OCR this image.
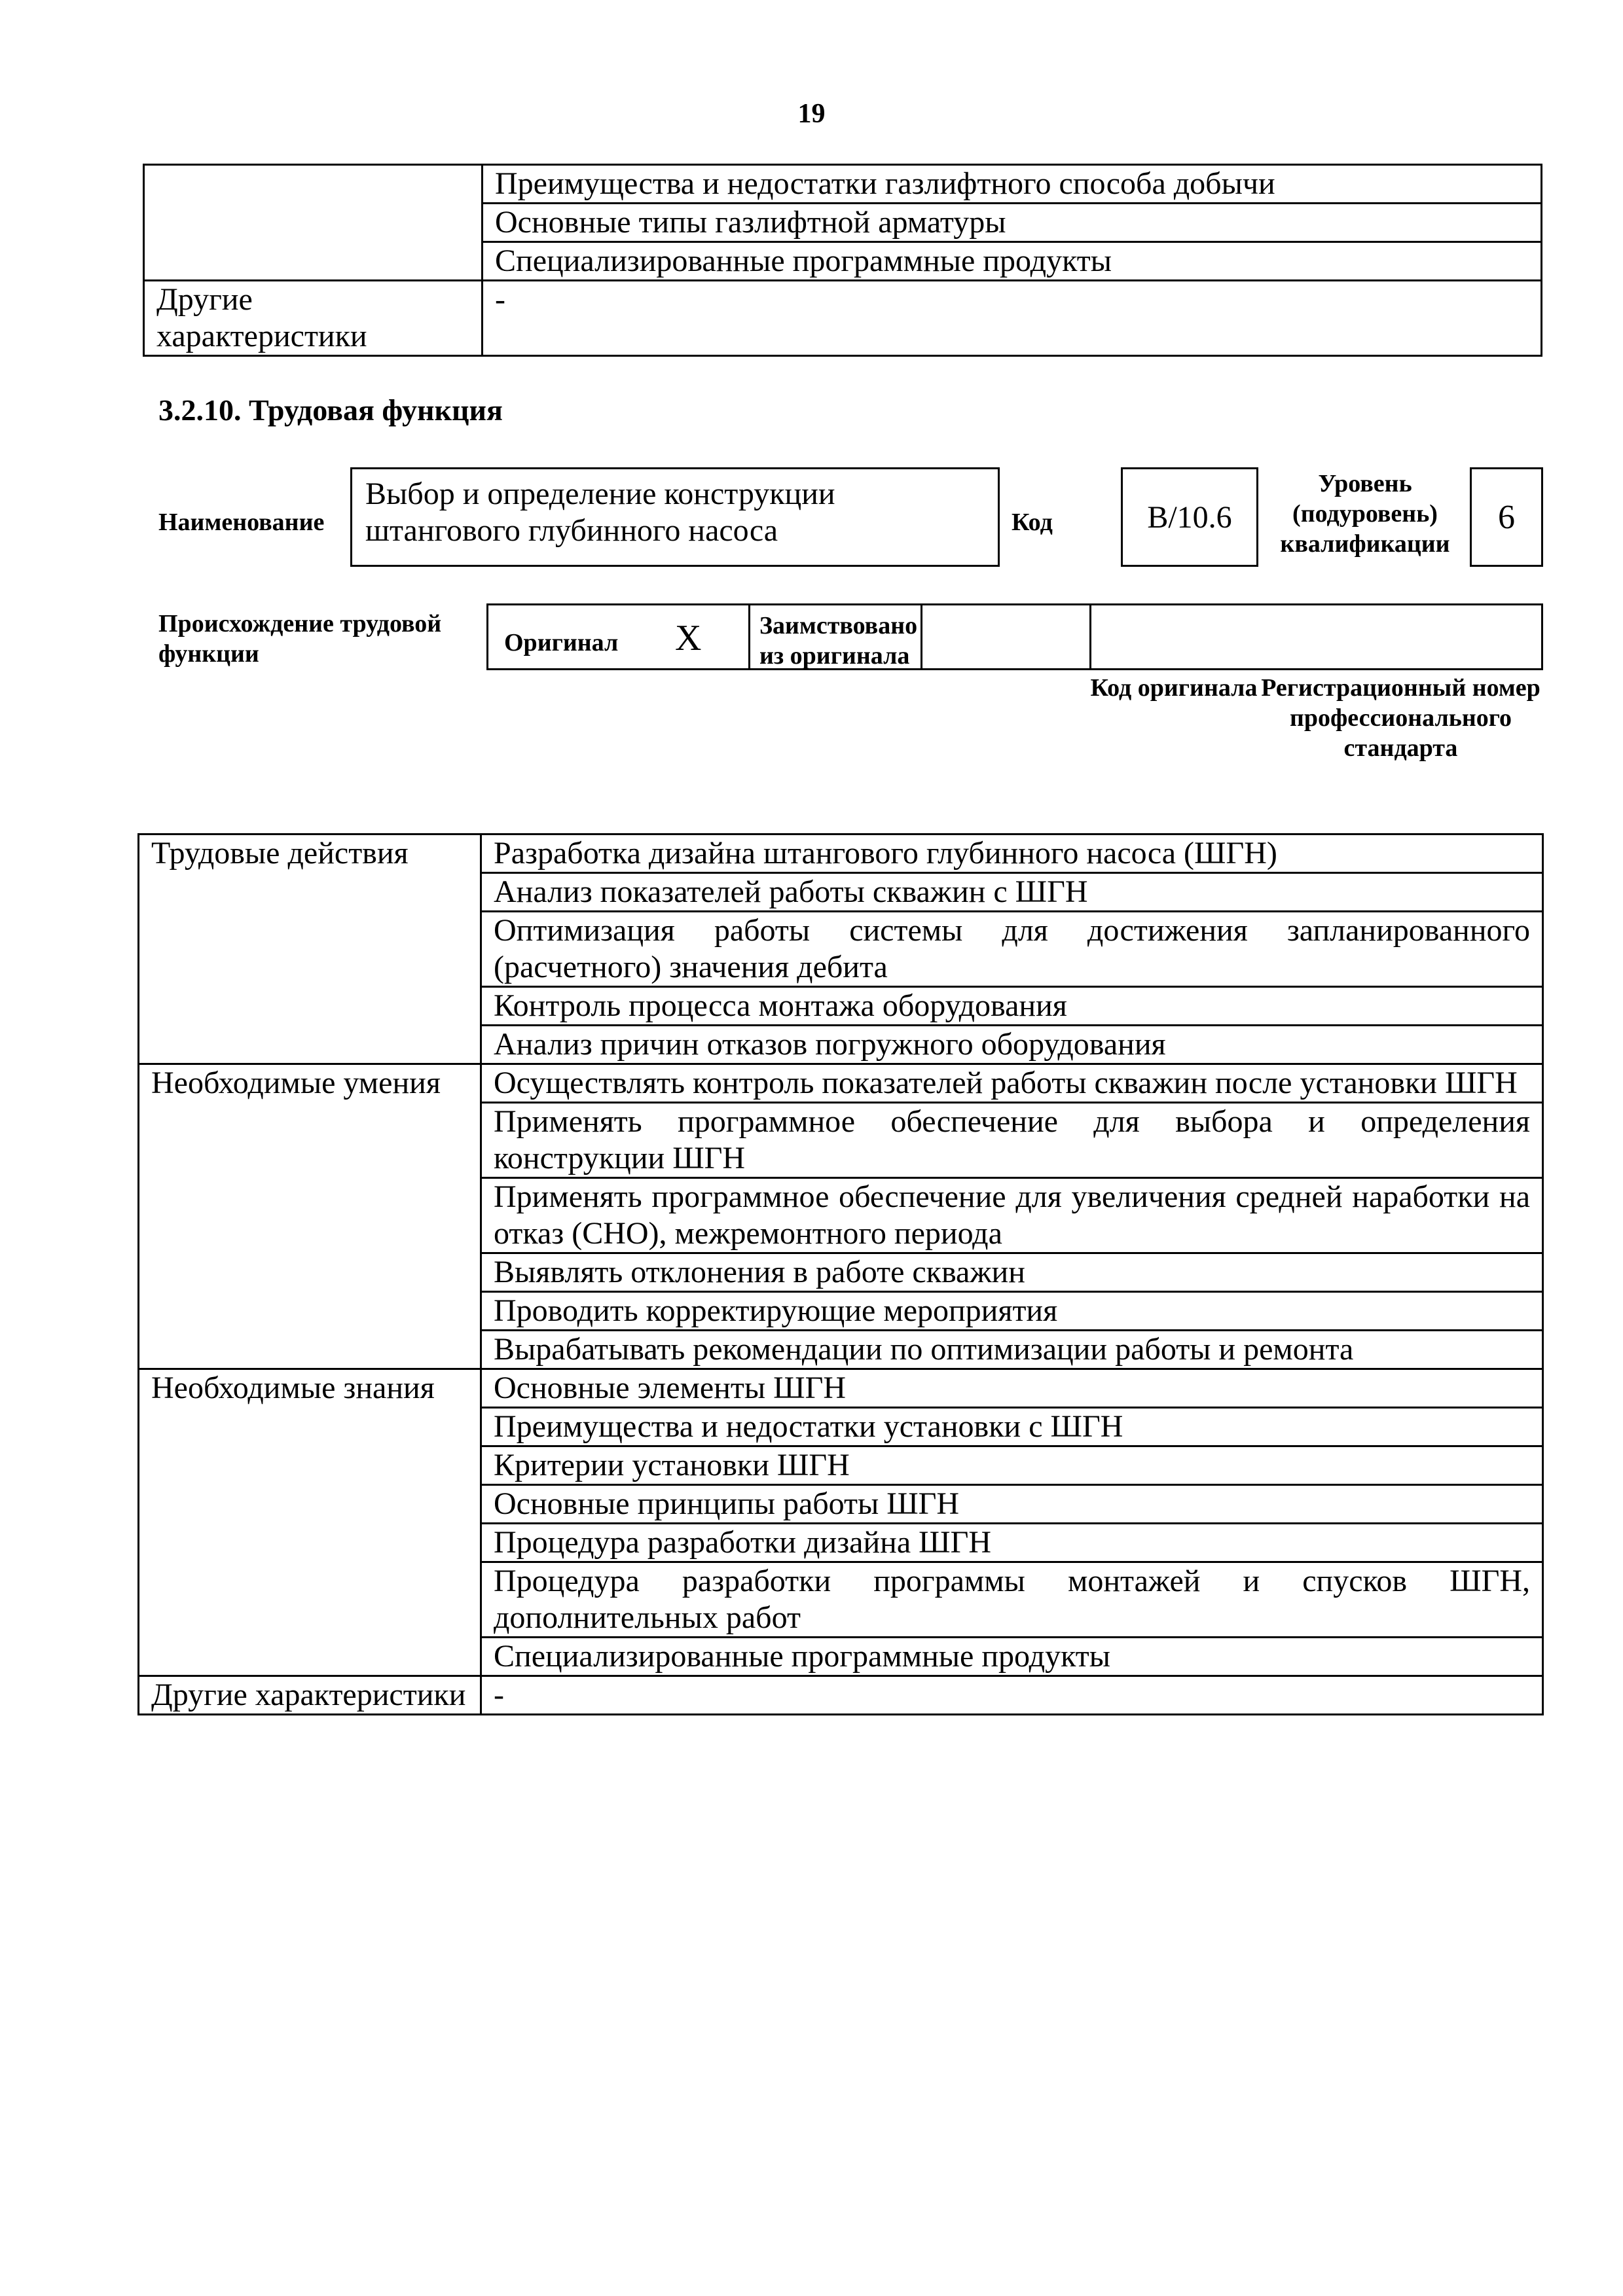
19
	Преимущества и недостатки газлифтного способа добычи
	Основные типы газлифтной арматуры
	Специализированные программные продукты
Другие характеристики	-
3.2.10. Трудовая функция
Наименование
Выбор и определение конструкции штангового глубинного насоса	Код	B/10.6
Уровень (подуровень) квалификации
6
Происхождение трудовой функции	Оригинал X Заимствовано из оригинала
Код оригинала Регистрационный номер профессионального стандарта
Трудовые действия	Разработка дизайна штангового глубинного насоса (ШГН)
	Анализ показателей работы скважин с ШГН
	Оптимизация работы системы для достижения запланированного (расчетного) значения дебита
	Контроль процесса монтажа оборудования
	Анализ причин отказов погружного оборудования
Необходимые умения	Осуществлять контроль показателей работы скважин после установки ШГН
	Применять программное обеспечение для выбора и определения конструкции ШГН
	Применять программное обеспечение для увеличения средней наработки на отказ (СНО), межремонтного периода
	Выявлять отклонения в работе скважин
	Проводить корректирующие мероприятия
	Вырабатывать рекомендации по оптимизации работы и ремонта
Необходимые знания	Основные элементы ШГН
	Преимущества и недостатки установки с ШГН
	Критерии установки ШГН
	Основные принципы работы ШГН
	Процедура разработки дизайна ШГН
	Процедура разработки программы монтажей и спусков ШГН, дополнительных работ
	Специализированные программные продукты
Другие характеристики	-
